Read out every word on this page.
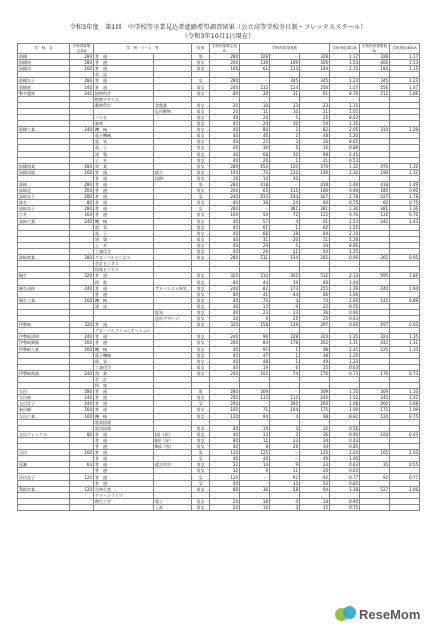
令和3年度　第1回　中学校等卒業見込者進路希望調査結果（公立高等学校全日制・フレックススクール）
（令和3年10月1日現在）
学　校　名	学科別募集定員A	学　科・コース　等		性別	学科別募集定員B	学科別希望者数			学科別倍率C/B	学校別希望者数D	学校別倍率D/A
前橋	280	普　通		男	280	328	－	328	1.17	328	1.17
前橋南	280	普　通		男女	200	136	169	305	1.53	305	1.53
前橋西	160	普　通		男女	160	61	123	184	1.15	184	1.15
		英　語									
前橋女子	280	普　通		女	280	－	345	345	1.23	345	1.23
前橋東	240	普　通		男女	240	132	124	256	1.07	256	1.07
勢多農林	240	植物科学		男女	80	30	31	61	0.76	212	1.06
		植物デザイン									
		動物科学	食農業	男女	20	10	13	23	1.15		
			応用動物	男女	20	11	10	21	1.05		
		バイオ		男女	40	20	5	25	0.63		
		森林		男女	40	24	30	54	1.35		
前橋工業	240	機　械		男女	40	80	2	82	2.05	310	1.29
		電子機械		男女	40	46	2	48	1.20		
		電　気		男女	40	23	3	26	0.65		
		電　子		男女	40	30	5	35	0.88		
		建　築		男女	40	68	30	98	2.45		
		土　木		男女	40	20	1	21	0.53		
前橋商業	280	商　業		男女	280	250	120	370	1.32	370	1.32
前橋清陵	160	普　通	総合	男女	144	70	120	190	1.32	190	1.32
		普　通	国際	男女	16	14	30				
高崎	280	普　通		男	280	418	－	418	1.49	418	1.49
高崎北	200	普　通		男女	200	65	115	180	0.90	180	0.90
高崎女子	280	普　通		女	240	233	194	427	1.78	427	1.78
榛名	80	普　通		男女	80	36	24	60	0.75	60	0.75
高崎女子	280	普　通		女	280	－	381	381	1.36	381	1.36
吉井	160	普　通		男女	160	50	72	122	0.76	122	0.76
高崎工業	240	機　械		男女	40	57	4	61	1.53	342	1.43
		電　気		男女	40	61	1	62	1.55		
		電　子		男女	40	66	18	84	2.10		
		建　築		男女	40	31	20	51	1.28		
		土　木		男女	40	29	5	34	0.85		
		工業化学		男女	40	29	21	50	1.25		
高崎商業	280	グローバルビジネス		男女	280	131	134	265	0.95	265	0.95
		会計ビジネス									
		情報ビジネス									
桐生	320	普　通		男女	320	210	302	512	2.13	595	1.86
		理　数		男女	80	44	39	83	1.04		
桐生清桜	240	普　通	アドバンスト探究	男女	240	82	173	255	1.39	240	1.94
		普　通		男女	80	41	44	85	1.06		
桐生工業	160	機　械		男女	40	70	4	74	1.93	142	0.89
		建　設		男女	40	13	9	22	0.55		
			電気	男女	40	23	13	36	0.90		
			造形デザイン	男女	20	0	25	25	0.63		
伊勢崎	320	普　通		男女	320	158	139	297	0.93	297	0.93
		グローバルコミュニケーション									
伊勢崎清明	240	普　通		男女	240	96	228	324	1.35	324	1.35
伊勢崎興陽	200	普　通		男女	200	84	178	262	1.31	242	1.31
伊勢崎工業	200	機　械		男女	40	97	1	98	2.45	220	1.10
		電子機械		男女	40	47	1	48	1.20		
		電　気		男女	40	48	1	49	1.23		
		工業化学		男女	40	19	6	25	0.63		
伊勢崎商業	240	商　業		男女	240	102	74	176	0.73	176	0.73
		会　計									
		情　報									
太田	280	普　通		男	280	309	－	309	1.10	309	1.10
太田東	240	普　通		男女	240	133	112	245	1.02	245	1.02
太田女子	240	普　通		女	240	－	260	260	1.08	260	1.08
新田暁	160	普　通		男女	160	71	104	175	1.09	175	1.09
太田工業	160	機　械		男女	120	94	4	98	0.82	120	0.75
		電気情報									
		電気情報		男女	40	19	3	22	0.55		
太田フレックス	80	普　通	Ⅰ部（昼）	男女	40	33	3	36	0.90	104	0.43
		普　通	Ⅱ部（昼）	男女	80	11	23	34	0.43		
		普　通	Ⅲ部（夜）	男女	40	8	26	34	0.85		
沼田	160	普　通		男	120	125	－	125	1.04	165	1.03
		普　通		女	40	40	－	40	1.00		
尾瀬	64	普　通	総合科学	男女	32	14	9	23	0.63	35	0.55
		普　通		男女	32	9	11	20	0.63		
沼田女子	120	普　通		女	120	－	92	92	0.77	92	0.77
		普　通		女	40	－	33	33	0.83		
利根実業	120	生物生産		男女	80	36	58	94	1.18	127	1.06
		グリーンライフ									
		創生工学	電子	男女	20	18	0	18	0.90		
			土木	男女	20	12	3	15	0.75		
ReseMom
